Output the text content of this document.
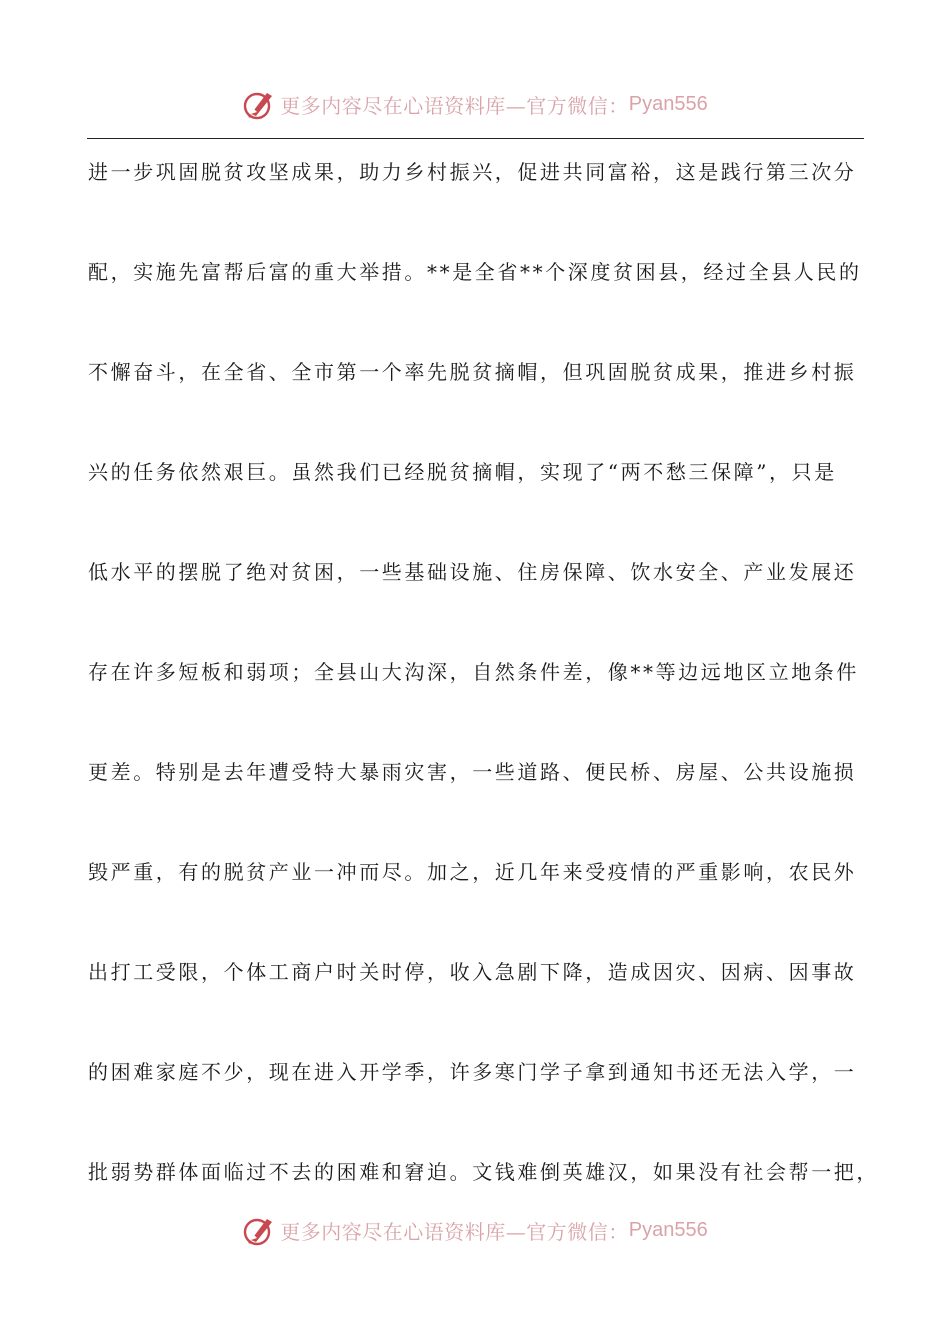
更多内容尽在心语资料库—官方微信： Pyan556
进一步巩固脱贫攻坚成果，助力乡村振兴，促进共同富裕，这是践行第三次分
配，实施先富帮后富的重大举措。**是全省**个深度贫困县，经过全县人民的
不懈奋斗，在全省、全市第一个率先脱贫摘帽，但巩固脱贫成果，推进乡村振
兴的任务依然艰巨。虽然我们已经脱贫摘帽，实现了“两不愁三保障”，只是
低水平的摆脱了绝对贫困，一些基础设施、住房保障、饮水安全、产业发展还
存在许多短板和弱项；全县山大沟深，自然条件差，像**等边远地区立地条件
更差。特别是去年遭受特大暴雨灾害，一些道路、便民桥、房屋、公共设施损
毁严重，有的脱贫产业一冲而尽。加之，近几年来受疫情的严重影响，农民外
出打工受限，个体工商户时关时停，收入急剧下降，造成因灾、因病、因事故
的困难家庭不少，现在进入开学季，许多寒门学子拿到通知书还无法入学，一
批弱势群体面临过不去的困难和窘迫。文钱难倒英雄汉，如果没有社会帮一把，
更多内容尽在心语资料库—官方微信： Pyan556
